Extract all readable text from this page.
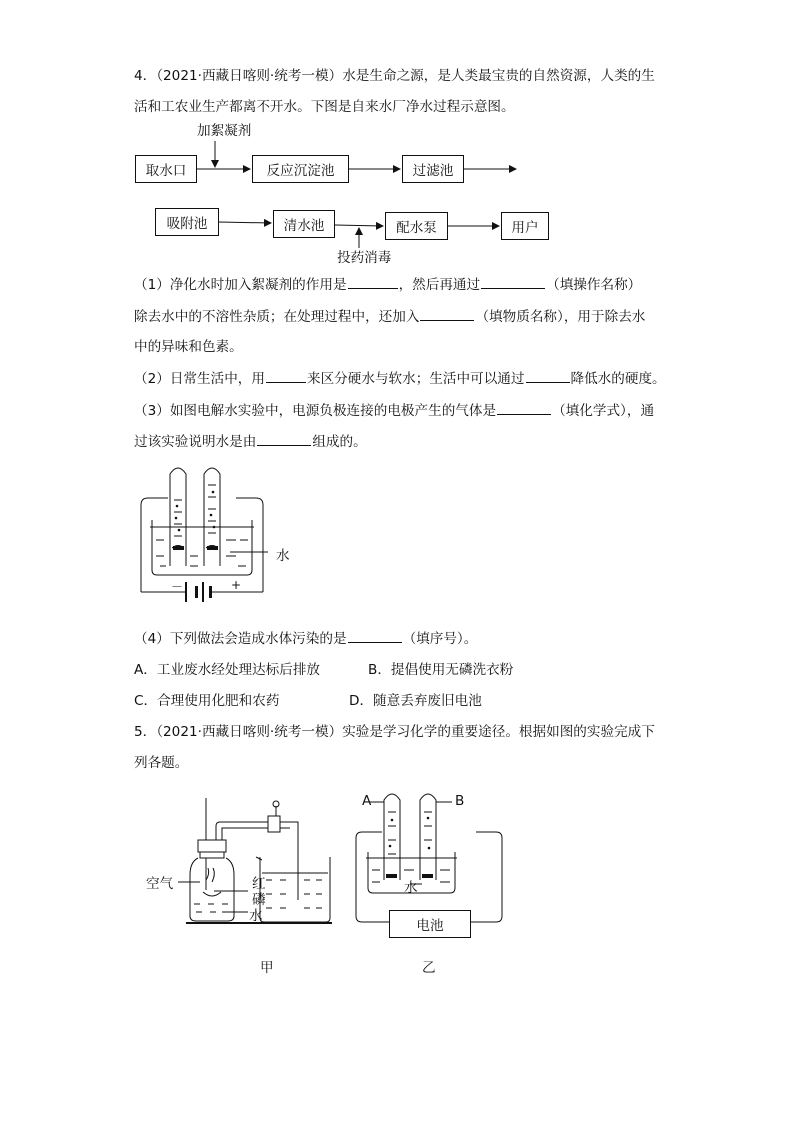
4．（2021·西藏日喀则·统考一模）水是生命之源，是人类最宝贵的自然资源，人类的生
活和工农业生产都离不开水。下图是自来水厂净水过程示意图。
加絮凝剂
取水口	反应沉淀池	过滤池
吸附池	清水池	配水泵	用户
投药消毒
（1）净化水时加入絮凝剂的作用是	，然后再通过	（填操作名称）
除去水中的不溶性杂质；在处理过程中，还加入	（填物质名称），用于除去水
中的异味和色素。
（2）日常生活中，用	来区分硬水与软水；生活中可以通过	降低水的硬度。
（3）如图电解水实验中，电源负极连接的电极产生的气体是	（填化学式），通
过该实验说明水是由	组成的。
水
－	+
（4）下列做法会造成水体污染的是	（填序号）。
A．工业废水经处理达标后排放	B．提倡使用无磷洗衣粉
C．合理使用化肥和农药	D．随意丢弃废旧电池
5．（2021·西藏日喀则·统考一模）实验是学习化学的重要途径。根据如图的实验完成下
列各题。
电池
空气	红
磷
水
甲
A	B
水
乙
